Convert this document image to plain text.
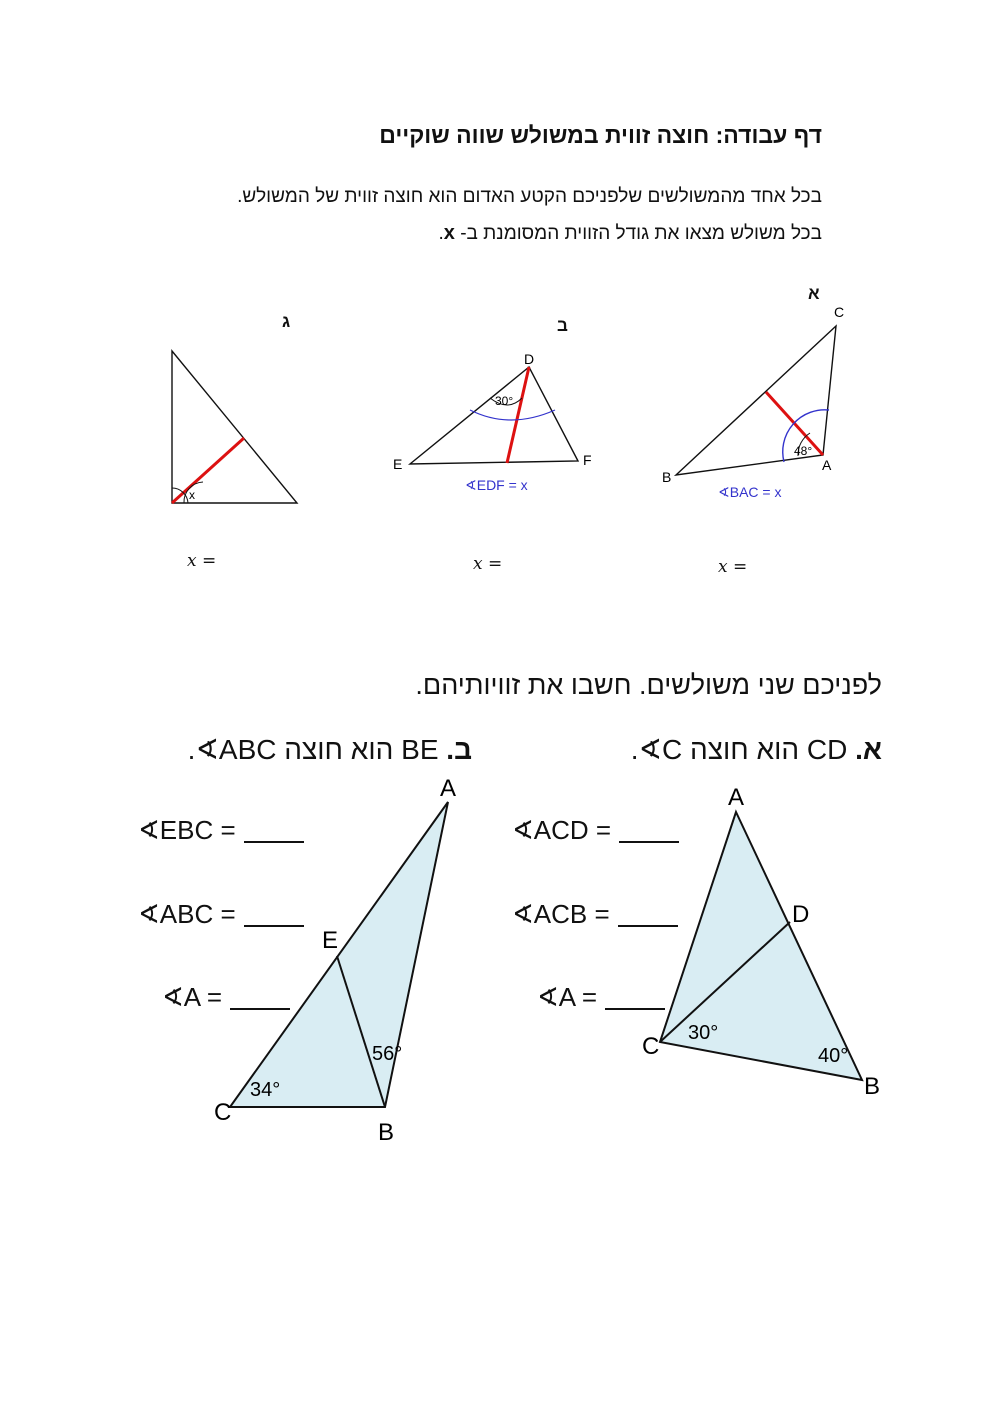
דף עבודה: חוצה זווית במשולש שווה שוקיים
בכל אחד מהמשולשים שלפניכם הקטע האדום הוא חוצה זווית של המשולש.
בכל משולש מצאו את גודל הזווית המסומנת ב- x.
א
ב
ג	C
B
A
48°
∢BAC = x
D
E	F
30°
∢EDF = x
x
x =
x =
x =
לפניכם שני משולשים. חשבו את זוויותיהם.
א. CD הוא חוצה C∢.
ב. BE הוא חוצה ABC∢.
A
D
C
B
30°
40°
A
E
C
B
34°
56°
∢ACD =
∢ACB =
∢A =
∢EBC =
∢ABC =
∢A =
